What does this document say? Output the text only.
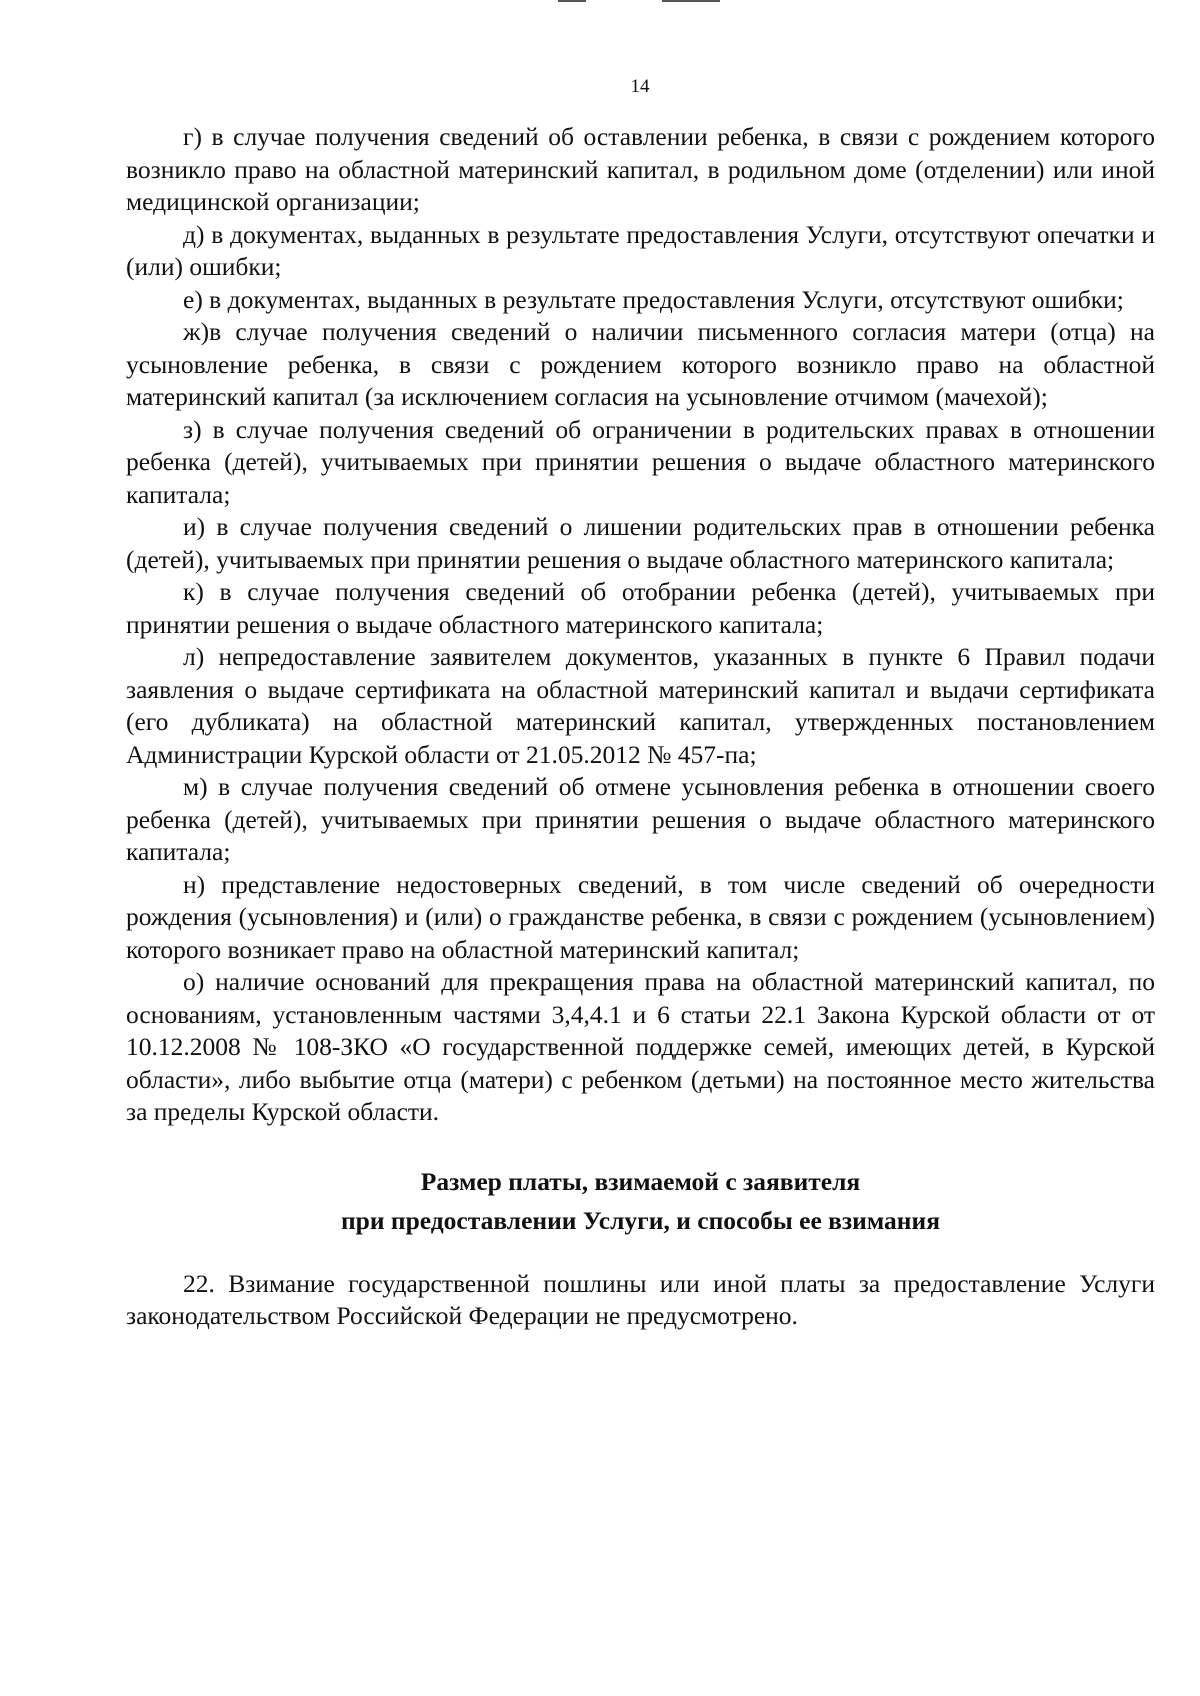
14

г) в случае получения сведений об оставлении ребенка, в связи с рождением которого возникло право на областной материнский капитал, в родильном доме (отделении) или иной медицинской организации;

д) в документах, выданных в результате предоставления Услуги, отсутствуют опечатки и (или) ошибки;

е) в документах, выданных в результате предоставления Услуги, отсутствуют ошибки;

ж)в случае получения сведений о наличии письменного согласия матери (отца) на усыновление ребенка, в связи с рождением которого возникло право на областной материнский капитал (за исключением согласия на усыновление отчимом (мачехой);

з) в случае получения сведений об ограничении в родительских правах в отношении ребенка (детей), учитываемых при принятии решения о выдаче областного материнского капитала;

и) в случае получения сведений о лишении родительских прав в отношении ребенка (детей), учитываемых при принятии решения о выдаче областного материнского капитала;

к) в случае получения сведений об отобрании ребенка (детей), учитываемых при принятии решения о выдаче областного материнского капитала;

л) непредоставление заявителем документов, указанных в пункте 6 Правил подачи заявления о выдаче сертификата на областной материнский капитал и выдачи сертификата (его дубликата) на областной материнский капитал, утвержденных постановлением Администрации Курской области от 21.05.2012 № 457-па;

м) в случае получения сведений об отмене усыновления ребенка в отношении своего ребенка (детей), учитываемых при принятии решения о выдаче областного материнского капитала;

н) представление недостоверных сведений, в том числе сведений об очередности рождения (усыновления) и (или) о гражданстве ребенка, в связи с рождением (усыновлением) которого возникает право на областной материнский капитал;

о) наличие оснований для прекращения права на областной материнский капитал, по основаниям, установленным частями 3,4,4.1 и 6 статьи 22.1 Закона Курской области от от 10.12.2008 № 108-ЗКО «О государственной поддержке семей, имеющих детей, в Курской области», либо выбытие отца (матери) с ребенком (детьми) на постоянное место жительства за пределы Курской области.

Размер платы, взимаемой с заявителя

при предоставлении Услуги, и способы ее взимания

22. Взимание государственной пошлины или иной платы за предоставление Услуги законодательством Российской Федерации не предусмотрено.
